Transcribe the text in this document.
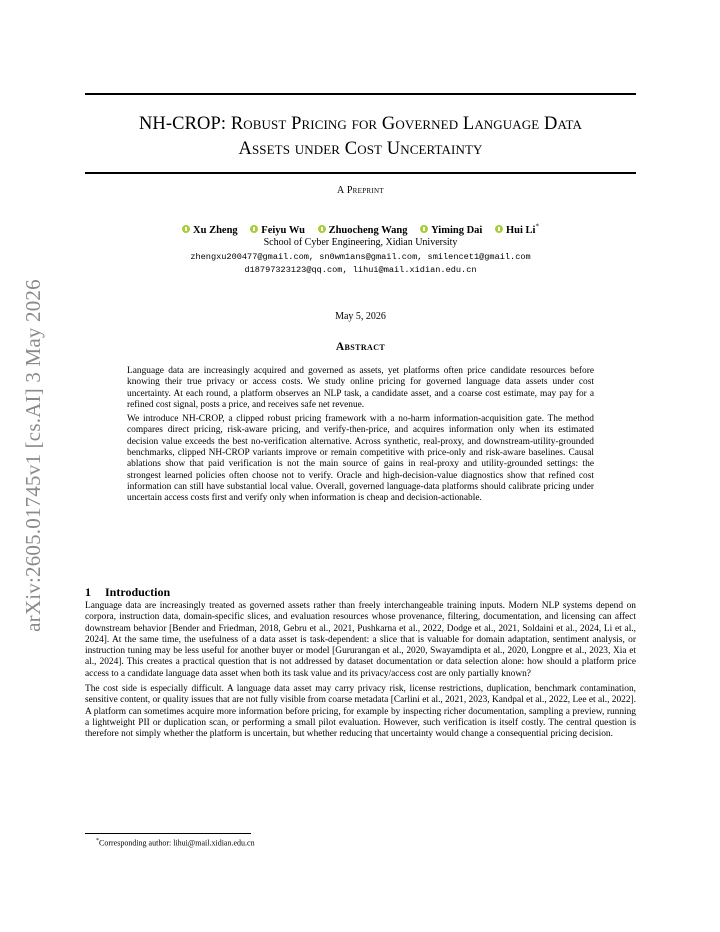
arXiv:2605.01745v1 [cs.AI] 3 May 2026
NH-CROP: Robust Pricing for Governed Language Data
Assets under Cost Uncertainty
A Preprint
Xu Zheng Feiyu Wu Zhuocheng Wang Yiming Dai Hui Li*
School of Cyber Engineering, Xidian University
zhengxu200477@gmail.com, sn0wm1ans@gmail.com, smilencet1@gmail.com
d18797323123@qq.com, lihui@mail.xidian.edu.cn
May 5, 2026
Abstract

Language data are increasingly acquired and governed as assets, yet platforms often price candidate resources before knowing their true privacy or access costs. We study online pricing for governed language data assets under cost uncertainty. At each round, a platform observes an NLP task, a candidate asset, and a coarse cost estimate, may pay for a refined cost signal, posts a price, and receives safe net revenue.

We introduce NH-CROP, a clipped robust pricing framework with a no-harm information-acquisition gate. The method compares direct pricing, risk-aware pricing, and verify-then-price, and acquires information only when its estimated decision value exceeds the best no-verification alternative. Across synthetic, real-proxy, and downstream-utility-grounded benchmarks, clipped NH-CROP variants improve or remain competitive with price-only and risk-aware baselines. Causal ablations show that paid verification is not the main source of gains in real-proxy and utility-grounded settings: the strongest learned policies often choose not to verify. Oracle and high-decision-value diagnostics show that refined cost information can still have substantial local value. Overall, governed language-data platforms should calibrate pricing under uncertain access costs first and verify only when information is cheap and decision-actionable.

1 Introduction

Language data are increasingly treated as governed assets rather than freely interchangeable training inputs. Modern NLP systems depend on corpora, instruction data, domain-specific slices, and evaluation resources whose provenance, filtering, documentation, and licensing can affect downstream behavior [Bender and Friedman, 2018, Gebru et al., 2021, Pushkarna et al., 2022, Dodge et al., 2021, Soldaini et al., 2024, Li et al., 2024]. At the same time, the usefulness of a data asset is task-dependent: a slice that is valuable for domain adaptation, sentiment analysis, or instruction tuning may be less useful for another buyer or model [Gururangan et al., 2020, Swayamdipta et al., 2020, Longpre et al., 2023, Xia et al., 2024]. This creates a practical question that is not addressed by dataset documentation or data selection alone: how should a platform price access to a candidate language data asset when both its task value and its privacy/access cost are only partially known?

The cost side is especially difficult. A language data asset may carry privacy risk, license restrictions, duplication, benchmark contamination, sensitive content, or quality issues that are not fully visible from coarse metadata [Carlini et al., 2021, 2023, Kandpal et al., 2022, Lee et al., 2022]. A platform can sometimes acquire more information before pricing, for example by inspecting richer documentation, sampling a preview, running a lightweight PII or duplication scan, or performing a small pilot evaluation. However, such verification is itself costly. The central question is therefore not simply whether the platform is uncertain, but whether reducing that uncertainty would change a consequential pricing decision.

*Corresponding author: lihui@mail.xidian.edu.cn
